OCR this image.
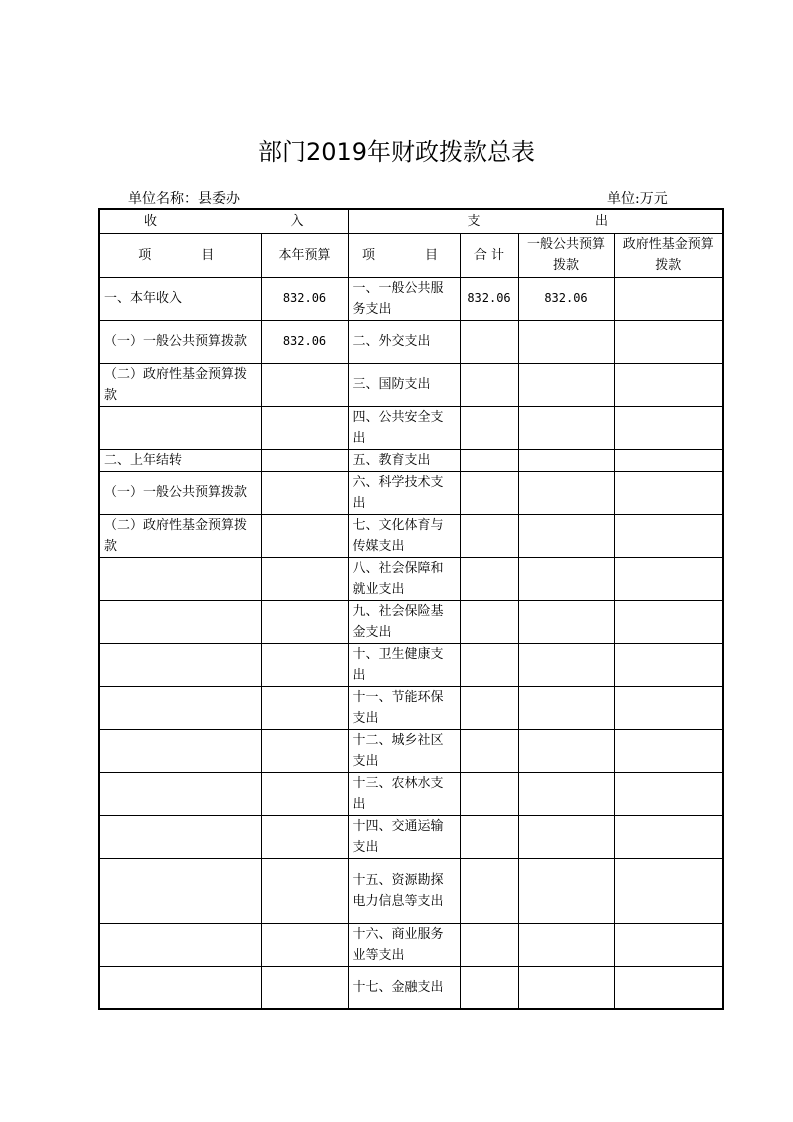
部门2019年财政拨款总表
单位名称：县委办	单位:万元
收 入		支 出			

项　　目	本年预算	项　　目	合 计	一般公共预算拨款	政府性基金预算拨款
一、本年收入	832.06	一、一般公共服务支出	832.06	832.06	
（一）一般公共预算拨款	832.06	二、外交支出			
（二）政府性基金预算拨款		三、国防支出			
		四、公共安全支出			
二、上年结转		五、教育支出			
（一）一般公共预算拨款		六、科学技术支出			
（二）政府性基金预算拨款		七、文化体育与传媒支出			
		八、社会保障和就业支出			
		九、社会保险基金支出			
		十、卫生健康支出			
		十一、节能环保支出			
		十二、城乡社区支出			
		十三、农林水支出			
		十四、交通运输支出			
		十五、资源勘探电力信息等支出			
		十六、商业服务业等支出			
		十七、金融支出			
